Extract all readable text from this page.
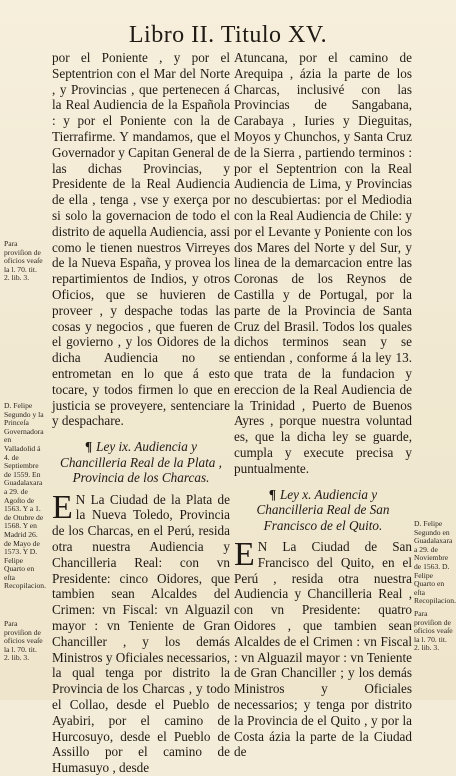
Libro II. Titulo XV.

por el Poniente , y por el Septentrion con el Mar del Norte , y Provincias , que pertenecen á la Real Audiencia de la Española : y por el Poniente con la de Tierrafirme. Y mandamos, que el Governador y Capitan General de las dichas Provincias, y Presidente de la Real Audiencia de ella , tenga , vse y exerça por si solo la governacion de todo el distrito de aquella Audiencia, assi como le tienen nuestros Virreyes de la Nueva España, y provea los repartimientos de Indios, y otros Oficios, que se huvieren de proveer , y despache todas las cosas y negocios , que fueren de el govierno , y los Oidores de la dicha Audiencia no se entrometan en lo que á esto tocare, y todos firmen lo que en justicia se proveyere, sentenciare y despachare.

¶ Ley ix. Audiencia y Chancilleria Real de la Plata , Provincia de los Charcas.

E N La Ciudad de la Plata de la Nueva Toledo, Provincia de los Charcas, en el Perú, resida otra nuestra Audiencia y Chancilleria Real: con vn Presidente: cinco Oidores, que tambien sean Alcaldes del Crimen: vn Fiscal: vn Alguazil mayor : vn Teniente de Gran Chanciller , y los demás Ministros y Oficiales necessarios, la qual tenga por distrito la Provincia de los Charcas , y todo el Collao, desde el Pueblo de Ayabiri, por el camino de Hurcosuyo, desde el Pueblo de Assillo por el camino de Humasuyo , desde

Atuncana, por el camino de Arequipa , ázia la parte de los Charcas, inclusivé con las Provincias de Sangabana, Carabaya , Iuries y Dieguitas, Moyos y Chunchos, y Santa Cruz de la Sierra , partiendo terminos : por el Septentrion con la Real Audiencia de Lima, y Provincias no descubiertas: por el Mediodia con la Real Audiencia de Chile: y por el Levante y Poniente con los dos Mares del Norte y del Sur, y linea de la demarcacion entre las Coronas de los Reynos de Castilla y de Portugal, por la parte de la Provincia de Santa Cruz del Brasil. Todos los quales dichos terminos sean y se entiendan , conforme á la ley 13. que trata de la fundacion y ereccion de la Real Audiencia de la Trinidad , Puerto de Buenos Ayres , porque nuestra voluntad es, que la dicha ley se guarde, cumpla y execute precisa y puntualmente.

¶ Ley x. Audiencia y Chancilleria Real de San Francisco de el Quito.

E N La Ciudad de San Francisco del Quito, en el Perú , resida otra nuestra Audiencia y Chancilleria Real , con vn Presidente: quatro Oidores , que tambien sean Alcaldes de el Crimen : vn Fiscal : vn Alguazil mayor : vn Teniente de Gran Chanciller ; y los demás Ministros y Oficiales necessarios; y tenga por distrito la Provincia de el Quito , y por la Costa ázia la parte de la Ciudad de

Para proviſion de oficios veaſe la l. 70. tit. 2. lib. 3.
D. Felipe Segundo y la Princeſa Governadora en Valladolid á 4. de Septiembre de 1559. En Guadalaxara a 29. de Agoſto de 1563. Y a 1. de Otubre de 1568. Y en Madrid 26. de Mayo de 1573. Y D. Felipe Quarto en eſta Recopilacion.
Para proviſion de oficios veaſe la l. 70. tit. 2. lib. 3.
D. Felipe Segundo en Guadalaxara a 29. de Noviembre de 1563. D. Felipe Quarto en eſta Recopilacion.
Para proviſion de oficios veaſe la l. 70. tit. 2. lib. 3.
